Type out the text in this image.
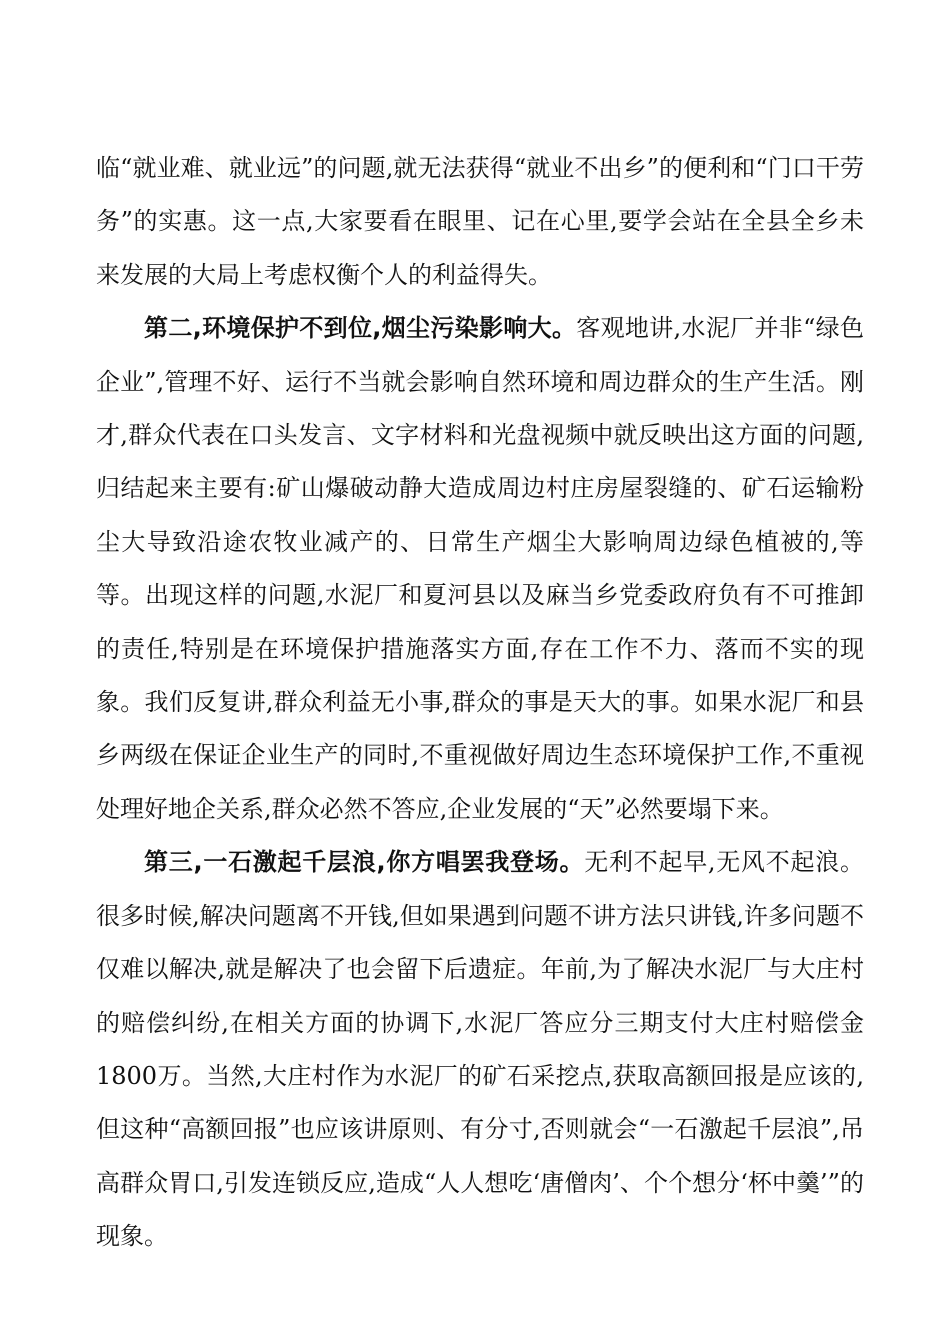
临“就业难、就业远”的问题,就无法获得“就业不出乡”的便利和“门口干劳务”的实惠。这一点,大家要看在眼里、记在心里,要学会站在全县全乡未来发展的大局上考虑权衡个人的利益得失。

第二,环境保护不到位,烟尘污染影响大。客观地讲,水泥厂并非“绿色企业”,管理不好、运行不当就会影响自然环境和周边群众的生产生活。刚才,群众代表在口头发言、文字材料和光盘视频中就反映出这方面的问题,归结起来主要有:矿山爆破动静大造成周边村庄房屋裂缝的、矿石运输粉尘大导致沿途农牧业减产的、日常生产烟尘大影响周边绿色植被的,等等。出现这样的问题,水泥厂和夏河县以及麻当乡党委政府负有不可推卸的责任,特别是在环境保护措施落实方面,存在工作不力、落而不实的现象。我们反复讲,群众利益无小事,群众的事是天大的事。如果水泥厂和县乡两级在保证企业生产的同时,不重视做好周边生态环境保护工作,不重视处理好地企关系,群众必然不答应,企业发展的“天”必然要塌下来。

第三,一石激起千层浪,你方唱罢我登场。无利不起早,无风不起浪。很多时候,解决问题离不开钱,但如果遇到问题不讲方法只讲钱,许多问题不仅难以解决,就是解决了也会留下后遗症。年前,为了解决水泥厂与大庄村的赔偿纠纷,在相关方面的协调下,水泥厂答应分三期支付大庄村赔偿金1800万。当然,大庄村作为水泥厂的矿石采挖点,获取高额回报是应该的,但这种“高额回报”也应该讲原则、有分寸,否则就会“一石激起千层浪”,吊高群众胃口,引发连锁反应,造成“人人想吃‘唐僧肉’、个个想分‘杯中羹’”的现象。
